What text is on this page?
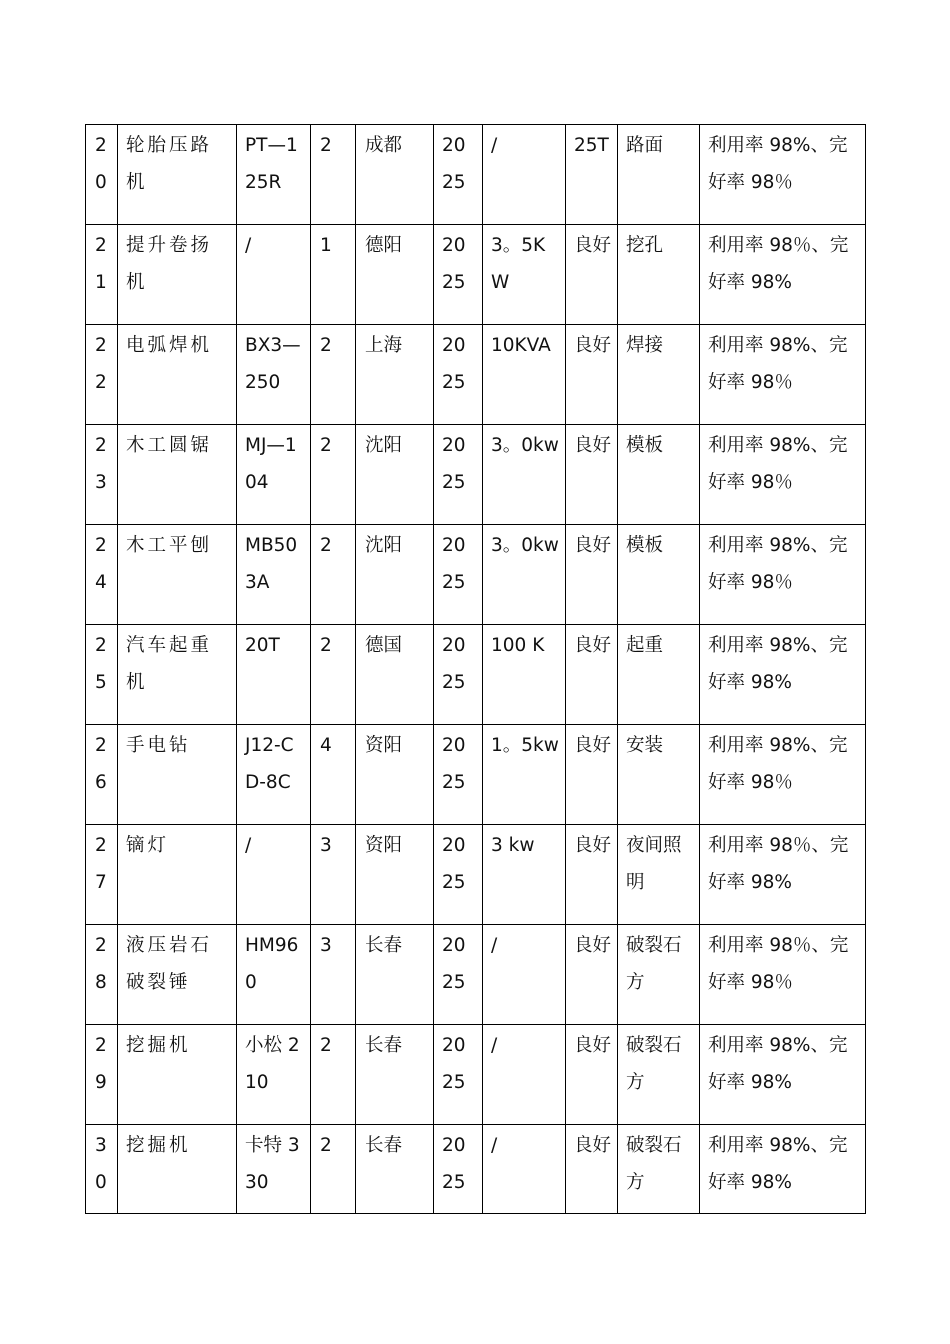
20	轮胎压路机	PT—125R	2	成都	2025	/	25T	路面	利用率 98%、完好率 98％
21	提升卷扬机	/	1	德阳	2025	3。5KW	良好	挖孔	利用率 98％、完好率 98%
22	电弧焊机	BX3—250	2	上海	2025	10KVA	良好	焊接	利用率 98%、完好率 98％
23	木工圆锯	MJ—104	2	沈阳	2025	3。0kw	良好	模板	利用率 98%、完好率 98％
24	木工平刨	MB503A	2	沈阳	2025	3。0kw	良好	模板	利用率 98%、完好率 98％
25	汽车起重机	20T	2	德国	2025	100 K	良好	起重	利用率 98%、完好率 98%
26	手电钻	J12-CD-8C	4	资阳	2025	1。5kw	良好	安装	利用率 98%、完好率 98％
27	镝灯	/	3	资阳	2025	3 kw	良好	夜间照明	利用率 98％、完好率 98%
28	液压岩石破裂锤	HM960	3	长春	2025	/	良好	破裂石方	利用率 98％、完好率 98％
29	挖掘机	小松 210	2	长春	2025	/	良好	破裂石方	利用率 98%、完好率 98%
30	挖掘机	卡特 330	2	长春	2025	/	良好	破裂石方	利用率 98%、完好率 98%
